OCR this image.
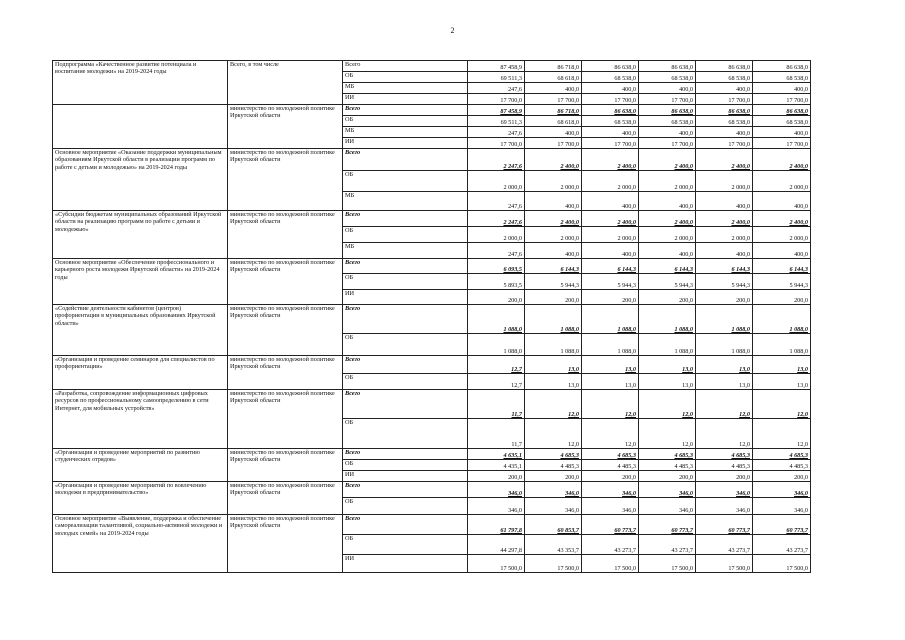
2
Подпрограмма «Качественное развитие потенциала и воспитание молодежи» на 2019-2024 годы	Всего, в том числе	Всего	87 458,9	86 718,0	86 638,0	86 638,0	86 638,0	86 638,0
		ОБ	69 511,3	68 618,0	68 538,0	68 538,0	68 538,0	68 538,0
		МБ	247,6	400,0	400,0	400,0	400,0	400,0
		ИИ	17 700,0	17 700,0	17 700,0	17 700,0	17 700,0	17 700,0
	министерство по молодежной политике Иркутской области	Всего	87 458,9	86 718,0	86 638,0	86 638,0	86 638,0	86 638,0
		ОБ	69 511,3	68 618,0	68 538,0	68 538,0	68 538,0	68 538,0
		МБ	247,6	400,0	400,0	400,0	400,0	400,0
		ИИ	17 700,0	17 700,0	17 700,0	17 700,0	17 700,0	17 700,0
Основное мероприятие «Оказание поддержки муниципальным образованиям Иркутской области в реализации программ по работе с детьми и молодежью» на 2019-2024 годы	министерство по молодежной политике Иркутской области	Всего	2 247,6	2 400,0	2 400,0	2 400,0	2 400,0	2 400,0
		ОБ	2 000,0	2 000,0	2 000,0	2 000,0	2 000,0	2 000,0
		МБ	247,6	400,0	400,0	400,0	400,0	400,0
«Субсидии бюджетам муниципальных образований Иркутской области на реализацию программ по работе с детьми и молодежью»	министерство по молодежной политике Иркутской области	Всего	2 247,6	2 400,0	2 400,0	2 400,0	2 400,0	2 400,0
		ОБ	2 000,0	2 000,0	2 000,0	2 000,0	2 000,0	2 000,0
		МБ	247,6	400,0	400,0	400,0	400,0	400,0
Основное мероприятие «Обеспечение профессионального и карьерного роста молодежи Иркутской области» на 2019-2024 годы	министерство по молодежной политике Иркутской области	Всего	6 093,5	6 144,3	6 144,3	6 144,3	6 144,3	6 144,3
		ОБ	5 893,5	5 944,3	5 944,3	5 944,3	5 944,3	5 944,3
		ИИ	200,0	200,0	200,0	200,0	200,0	200,0
«Содействие деятельности кабинетов (центров) профориентации в муниципальных образованиях Иркутской области»	министерство по молодежной политике Иркутской области	Всего	1 088,0	1 088,0	1 088,0	1 088,0	1 088,0	1 088,0
		ОБ	1 088,0	1 088,0	1 088,0	1 088,0	1 088,0	1 088,0
«Организация и проведение семинаров для специалистов по профориентации»	министерство по молодежной политике Иркутской области	Всего	12,7	13,0	13,0	13,0	13,0	13,0
		ОБ	12,7	13,0	13,0	13,0	13,0	13,0
«Разработка, сопровождение информационных цифровых ресурсов по профессиональному самоопределению в сети Интернет, для мобильных устройств»	министерство по молодежной политике Иркутской области	Всего	11,7	12,0	12,0	12,0	12,0	12,0
		ОБ	11,7	12,0	12,0	12,0	12,0	12,0
«Организация и проведение мероприятий по развитию студенческих отрядов»	министерство по молодежной политике Иркутской области	Всего	4 635,1	4 685,3	4 685,3	4 685,3	4 685,3	4 685,3
		ОБ	4 435,1	4 485,3	4 485,3	4 485,3	4 485,3	4 485,3
		ИИ	200,0	200,0	200,0	200,0	200,0	200,0
«Организация и проведение мероприятий по вовлечению молодежи в предпринимательство»	министерство по молодежной политике Иркутской области	Всего	346,0	346,0	346,0	346,0	346,0	346,0
		ОБ	346,0	346,0	346,0	346,0	346,0	346,0
Основное мероприятие «Выявление, поддержка и обеспечение самореализации талантливой, социально-активной молодежи и молодых семей» на 2019-2024 годы	министерство по молодежной политике Иркутской области	Всего	61 797,8	60 853,7	60 773,7	60 773,7	60 773,7	60 773,7
		ОБ	44 297,8	43 353,7	43 273,7	43 273,7	43 273,7	43 273,7
		ИИ	17 500,0	17 500,0	17 500,0	17 500,0	17 500,0	17 500,0
